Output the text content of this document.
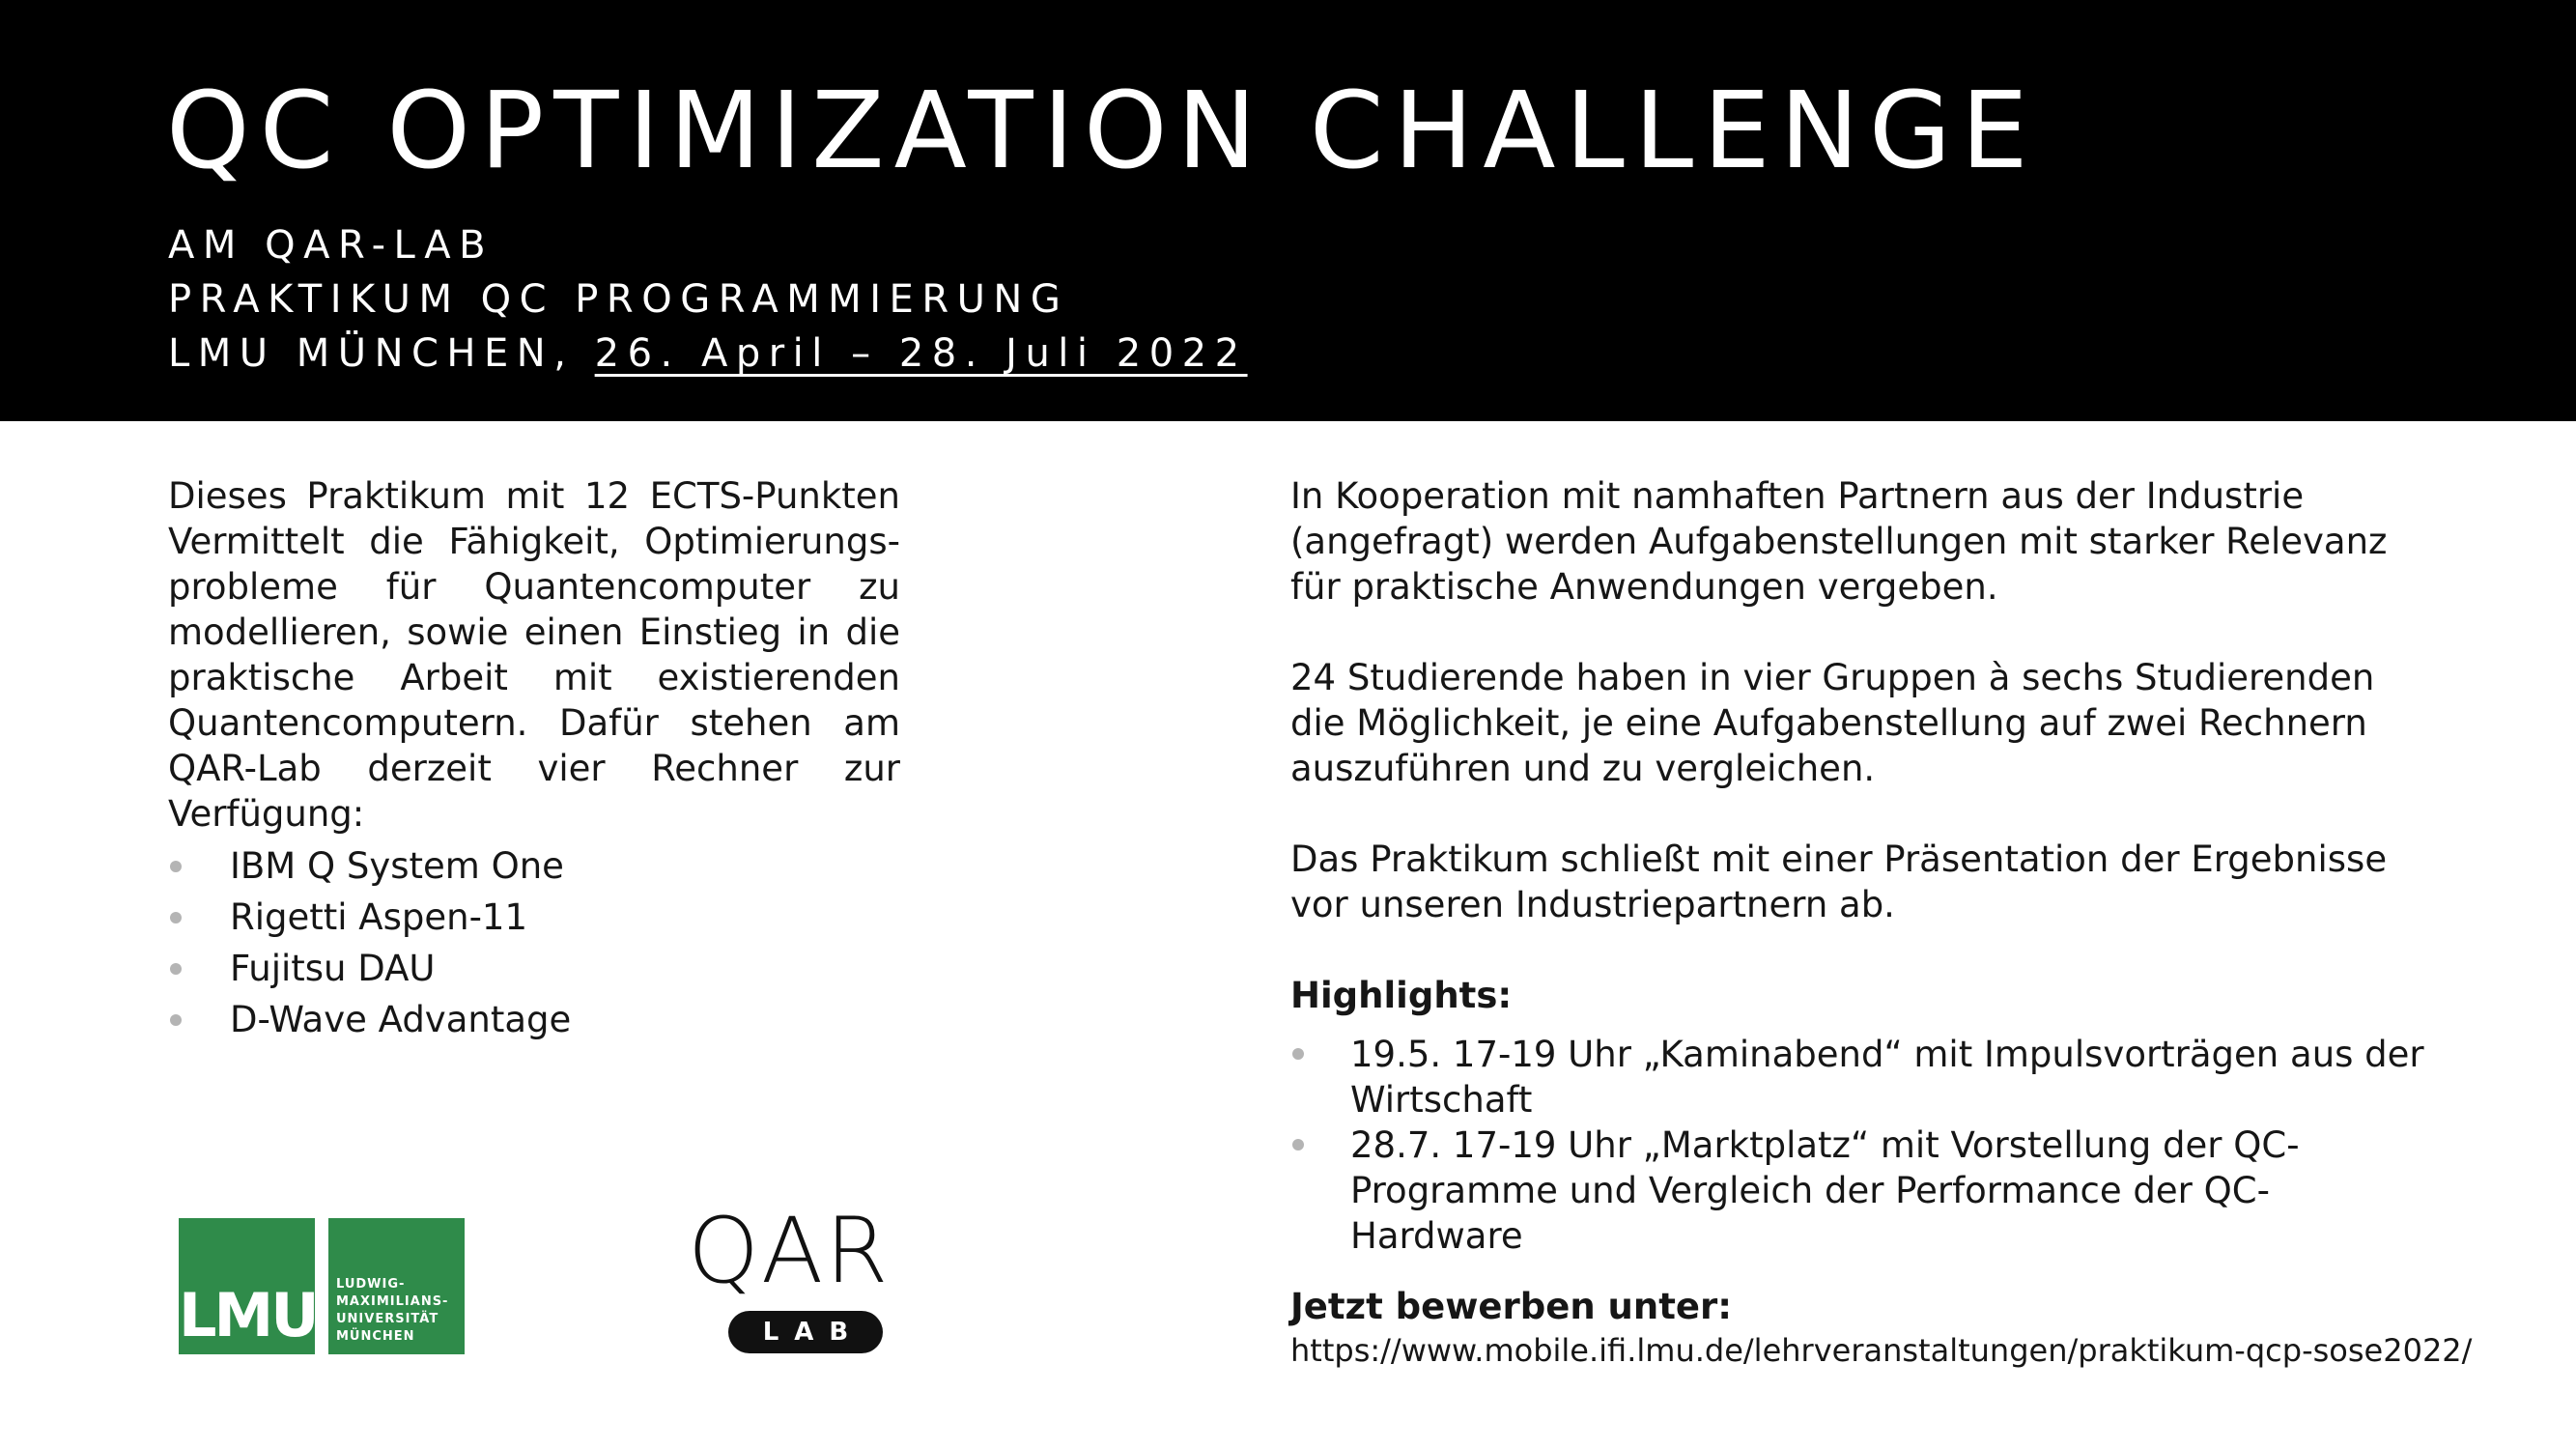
QC OPTIMIZATION CHALLENGE
AM QAR-LAB
PRAKTIKUM QC PROGRAMMIERUNG
LMU MÜNCHEN, 26. April – 28. Juli 2022

Dieses Praktikum mit 12 ECTS-Punkten Vermittelt die Fähigkeit, Optimierungs-probleme für Quantencomputer zu modellieren, sowie einen Einstieg in die praktische Arbeit mit existierenden Quantencomputern. Dafür stehen am QAR-Lab derzeit vier Rechner zur Verfügung:

IBM Q System One
Rigetti Aspen-11
Fujitsu DAU
D-Wave Advantage

In Kooperation mit namhaften Partnern aus der Industrie (angefragt) werden Aufgabenstellungen mit starker Relevanz für praktische Anwendungen vergeben.

24 Studierende haben in vier Gruppen à sechs Studierenden die Möglichkeit, je eine Aufgabenstellung auf zwei Rechnern auszuführen und zu vergleichen.

Das Praktikum schließt mit einer Präsentation der Ergebnisse vor unseren Industriepartnern ab.

Highlights:

19.5. 17-19 Uhr „Kaminabend“ mit Impulsvorträgen aus der Wirtschaft
28.7. 17-19 Uhr „Marktplatz“ mit Vorstellung der QC-Programme und Vergleich der Performance der QC-Hardware

Jetzt bewerben unter:

https://www.mobile.ifi.lmu.de/lehrveranstaltungen/praktikum-qcp-sose2022/

LMU LUDWIG-
MAXIMILIANS-
UNIVERSITÄT
MÜNCHEN
QAR
LAB
